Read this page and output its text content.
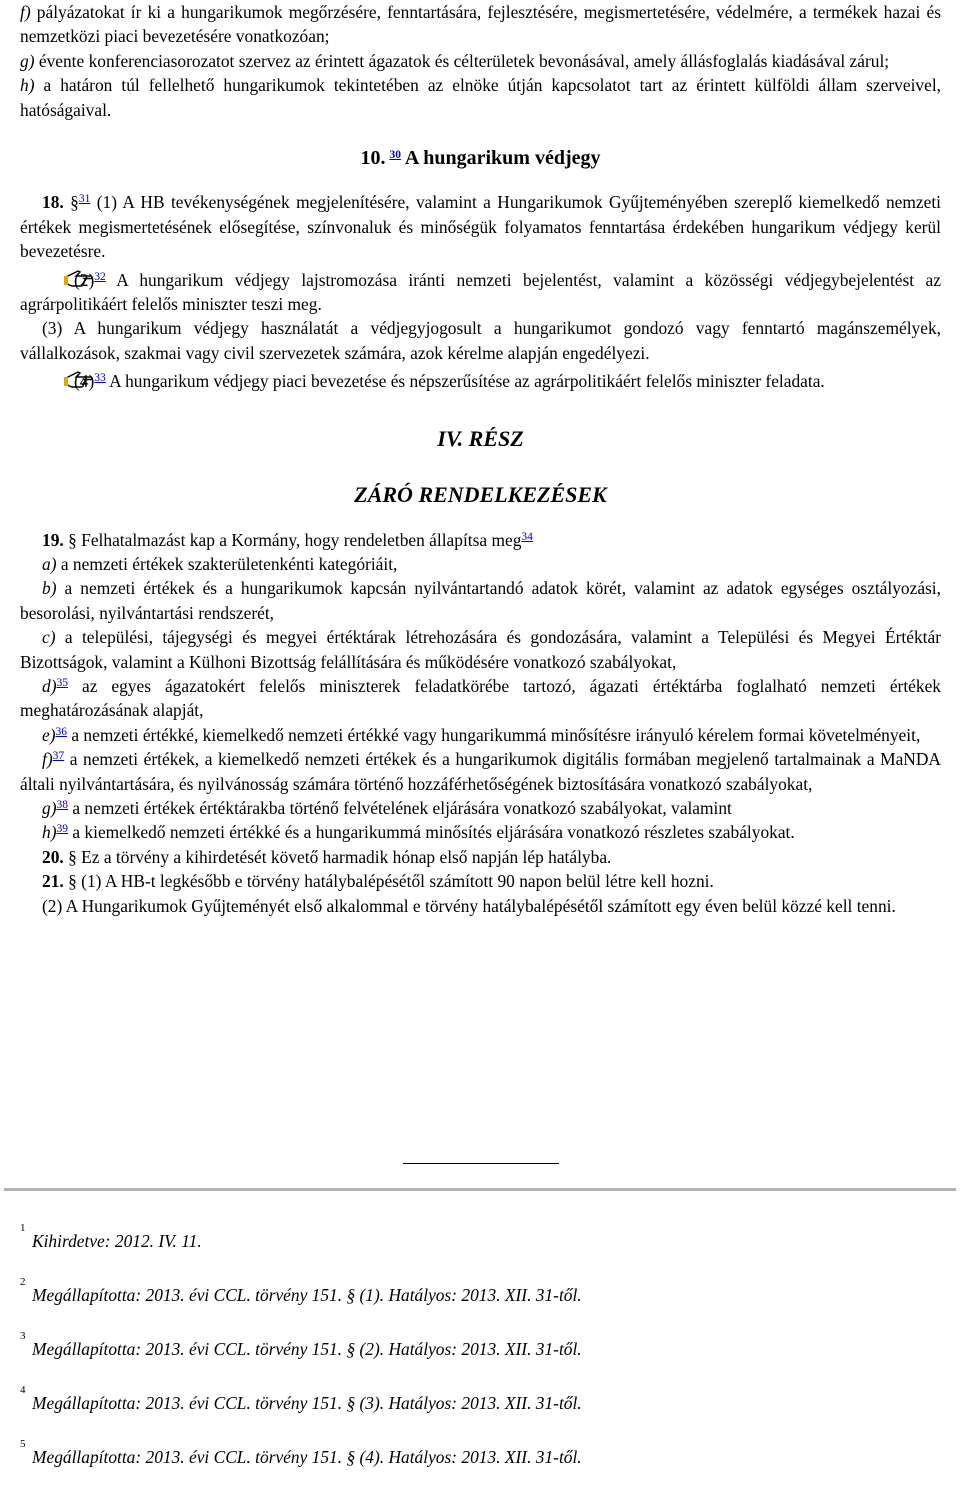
f) pályázatokat ír ki a hungarikumok megőrzésére, fenntartására, fejlesztésére, megismertetésére, védelmére, a termékek hazai és nemzetközi piaci bevezetésére vonatkozóan;

g) évente konferenciasorozatot szervez az érintett ágazatok és célterületek bevonásával, amely állásfoglalás kiadásával zárul;

h) a határon túl fellelhető hungarikumok tekintetében az elnöke útján kapcsolatot tart az érintett külföldi állam szerveivel, hatóságaival.

10. $^{30}$ A hungarikum védjegy

18. §$^{31}$ (1) A HB tevékenységének megjelenítésére, valamint a Hungarikumok Gyűjteményében szereplő kiemelkedő nemzeti értékek megismertetésének elősegítése, színvonaluk és minőségük folyamatos fenntartása érdekében hungarikum védjegy kerül bevezetésre.

(2)$^{32}$ A hungarikum védjegy lajstromozása iránti nemzeti bejelentést, valamint a közösségi védjegybejelentést az agrárpolitikáért felelős miniszter teszi meg.

(3) A hungarikum védjegy használatát a védjegyjogosult a hungarikumot gondozó vagy fenntartó magánszemélyek, vállalkozások, szakmai vagy civil szervezetek számára, azok kérelme alapján engedélyezi.

(4)$^{33}$ A hungarikum védjegy piaci bevezetése és népszerűsítése az agrárpolitikáért felelős miniszter feladata.

IV. RÉSZ
ZÁRÓ RENDELKEZÉSEK

19. § Felhatalmazást kap a Kormány, hogy rendeletben állapítsa meg$^{34}$

a) a nemzeti értékek szakterületenkénti kategóriáit,

b) a nemzeti értékek és a hungarikumok kapcsán nyilvántartandó adatok körét, valamint az adatok egységes osztályozási, besorolási, nyilvántartási rendszerét,

c) a települési, tájegységi és megyei értéktárak létrehozására és gondozására, valamint a Települési és Megyei Értéktár Bizottságok, valamint a Külhoni Bizottság felállítására és működésére vonatkozó szabályokat,

d)$^{35}$ az egyes ágazatokért felelős miniszterek feladatkörébe tartozó, ágazati értéktárba foglalható nemzeti értékek meghatározásának alapját,

e)$^{36}$ a nemzeti értékké, kiemelkedő nemzeti értékké vagy hungarikummá minősítésre irányuló kérelem formai követelményeit,

f)$^{37}$ a nemzeti értékek, a kiemelkedő nemzeti értékek és a hungarikumok digitális formában megjelenő tartalmainak a MaNDA általi nyilvántartására, és nyilvánosság számára történő hozzáférhetőségének biztosítására vonatkozó szabályokat,

g)$^{38}$ a nemzeti értékek értéktárakba történő felvételének eljárására vonatkozó szabályokat, valamint

h)$^{39}$ a kiemelkedő nemzeti értékké és a hungarikummá minősítés eljárására vonatkozó részletes szabályokat.

20. § Ez a törvény a kihirdetését követő harmadik hónap első napján lép hatályba.

21. § (1) A HB-t legkésőbb e törvény hatálybalépésétől számított 90 napon belül létre kell hozni.

(2) A Hungarikumok Gyűjteményét első alkalommal e törvény hatálybalépésétől számított egy éven belül közzé kell tenni.

1
Kihirdetve: 2012. IV. 11.
2
Megállapította: 2013. évi CCL. törvény 151. § (1). Hatályos: 2013. XII. 31-től.
3
Megállapította: 2013. évi CCL. törvény 151. § (2). Hatályos: 2013. XII. 31-től.
4
Megállapította: 2013. évi CCL. törvény 151. § (3). Hatályos: 2013. XII. 31-től.
5
Megállapította: 2013. évi CCL. törvény 151. § (4). Hatályos: 2013. XII. 31-től.
